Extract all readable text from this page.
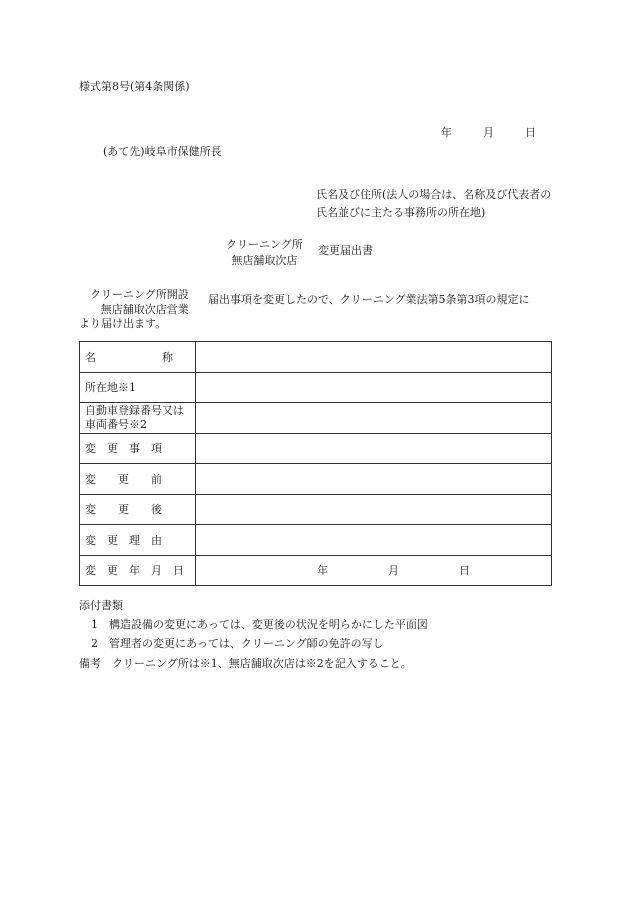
様式第8号(第4条関係)
年	月	日
(あて先)岐阜市保健所長
氏名及び住所(法人の場合は、名称及び代表者の氏名並びに主たる事務所の所在地)
クリーニング所
無店舗取次店
変更届出書
クリーニング所開設
無店舗取次店営業
届出事項を変更したので、クリーニング業法第5条第3項の規定に
より届け出ます。
名　　　　　　称	
所在地※1	
自動車登録番号又は車両番号※2	
変　更　事　項	
変　　更　　前	
変　　更　　後	
変　更　理　由	
変　更　年　月　日	年 月 日
添付書類
1　構造設備の変更にあっては、変更後の状況を明らかにした平面図
2　管理者の変更にあっては、クリーニング師の免許の写し
備考　クリーニング所は※1、無店舗取次店は※2を記入すること。
